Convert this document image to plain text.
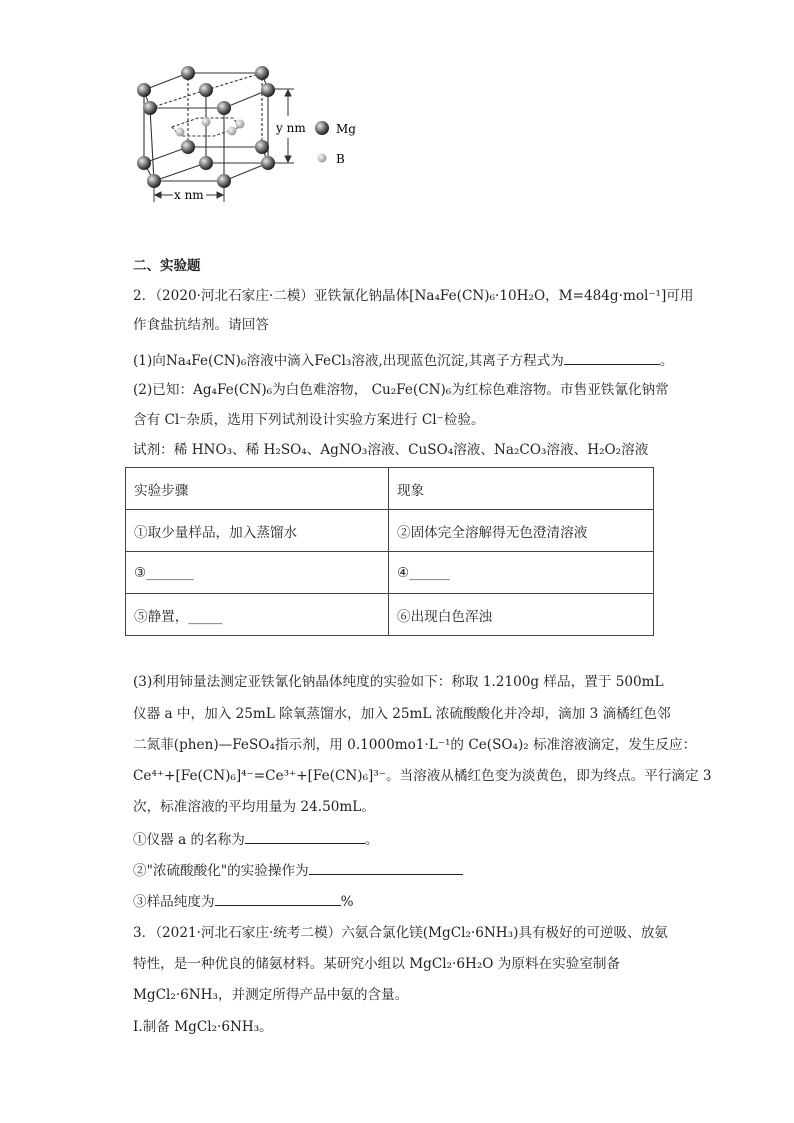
y nm
x nm
Mg
B
二、实验题
2．（2020·河北石家庄·二模）亚铁氰化钠晶体[Na₄Fe(CN)₆·10H₂O，M=484g·mol⁻¹]可用
作食盐抗结剂。请回答
(1)向Na₄Fe(CN)₆溶液中滴入FeCl₃溶液,出现蓝色沉淀,其离子方程式为	。
(2)已知：Ag₄Fe(CN)₆为白色难溶物， Cu₂Fe(CN)₆为红棕色难溶物。市售亚铁氰化钠常
含有 Cl⁻杂质，选用下列试剂设计实验方案进行 Cl⁻检验。
试剂：稀 HNO₃、稀 H₂SO₄、AgNO₃溶液、CuSO₄溶液、Na₂CO₃溶液、H₂O₂溶液
实验步骤	现象
①取少量样品，加入蒸馏水	②固体完全溶解得无色澄清溶液
③_______	④______
⑤静置，_____	⑥出现白色浑浊
(3)利用铈量法测定亚铁氰化钠晶体纯度的实验如下：称取 1.2100g 样品，置于 500mL
仪器 a 中，加入 25mL 除氧蒸馏水，加入 25mL 浓硫酸酸化并冷却，滴加 3 滴橘红色邻
二氮菲(phen)—FeSO₄指示剂，用 0.1000mo1·L⁻¹的 Ce(SO₄)₂ 标准溶液滴定，发生反应：
Ce⁴⁺+[Fe(CN)₆]⁴⁻=Ce³⁺+[Fe(CN)₆]³⁻。当溶液从橘红色变为淡黄色，即为终点。平行滴定 3
次，标准溶液的平均用量为 24.50mL。
①仪器 a 的名称为	。
②"浓硫酸酸化"的实验操作为
③样品纯度为	%
3．（2021·河北石家庄·统考二模）六氨合氯化镁(MgCl₂·6NH₃)具有极好的可逆吸、放氨
特性，是一种优良的储氨材料。某研究小组以 MgCl₂·6H₂O 为原料在实验室制备
MgCl₂·6NH₃，并测定所得产品中氨的含量。
I.制备 MgCl₂·6NH₃。
